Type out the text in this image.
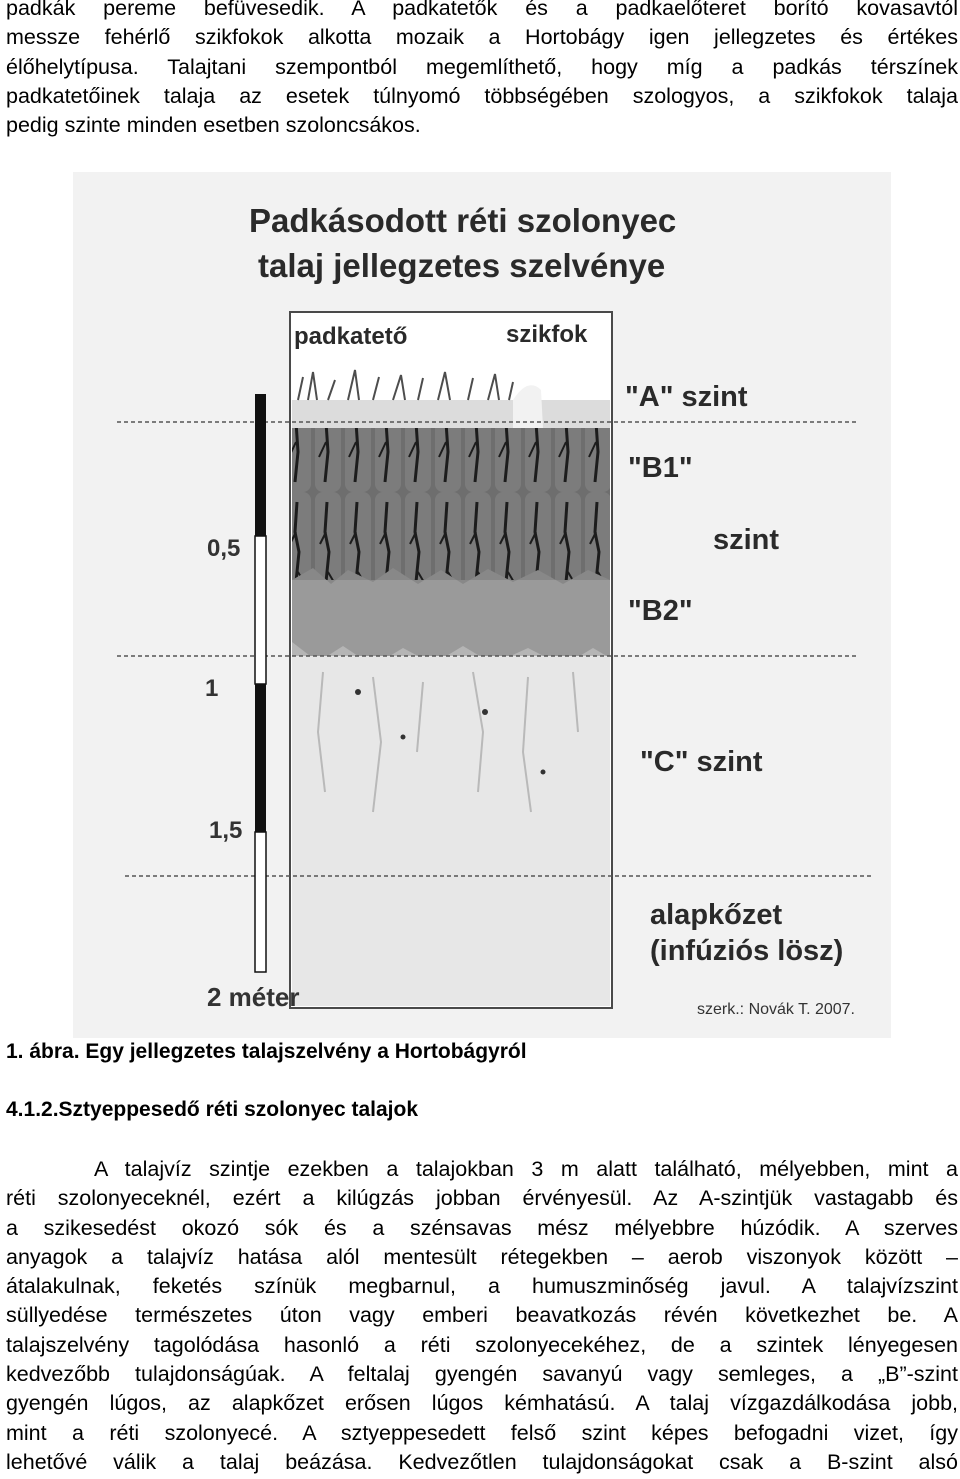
padkák pereme befüvesedik. A padkatetők és a padkaelőteret borító kovasavtól
messze fehérlő szikfokok alkotta mozaik a Hortobágy igen jellegzetes és értékes
élőhelytípusa. Talajtani szempontból megemlíthető, hogy míg a padkás térszínek
padkatetőinek talaja az esetek túlnyomó többségében szologyos, a szikfokok talaja
pedig szinte minden esetben szoloncsákos.
Padkásodott réti szolonyec
talaj jellegzetes szelvénye
0,5
1
1,5
2 méter
padkatető	szikfok
"A" szint
"B1"
szint
"B2"
"C" szint
alapkőzet
(infúziós lösz)
szerk.: Novák T. 2007.

1. ábra. Egy jellegzetes talajszelvény a Hortobágyról

4.1.2.Sztyeppesedő réti szolonyec talajok

A talajvíz szintje ezekben a talajokban 3 m alatt található, mélyebben, mint a
réti szolonyeceknél, ezért a kilúgzás jobban érvényesül. Az A-szintjük vastagabb és
a szikesedést okozó sók és a szénsavas mész mélyebbre húzódik. A szerves
anyagok a talajvíz hatása alól mentesült rétegekben – aerob viszonyok között –
átalakulnak, feketés színük megbarnul, a humuszminőség javul. A talajvízszint
süllyedése természetes úton vagy emberi beavatkozás révén következhet be. A
talajszelvény tagolódása hasonló a réti szolonyecekéhez, de a szintek lényegesen
kedvezőbb tulajdonságúak. A feltalaj gyengén savanyú vagy semleges, a „B”-szint
gyengén lúgos, az alapkőzet erősen lúgos kémhatású. A talaj vízgazdálkodása jobb,
mint a réti szolonyecé. A sztyeppesedett felső szint képes befogadni vizet, így
lehetővé válik a talaj beázása. Kedvezőtlen tulajdonságokat csak a B-szint alsó
